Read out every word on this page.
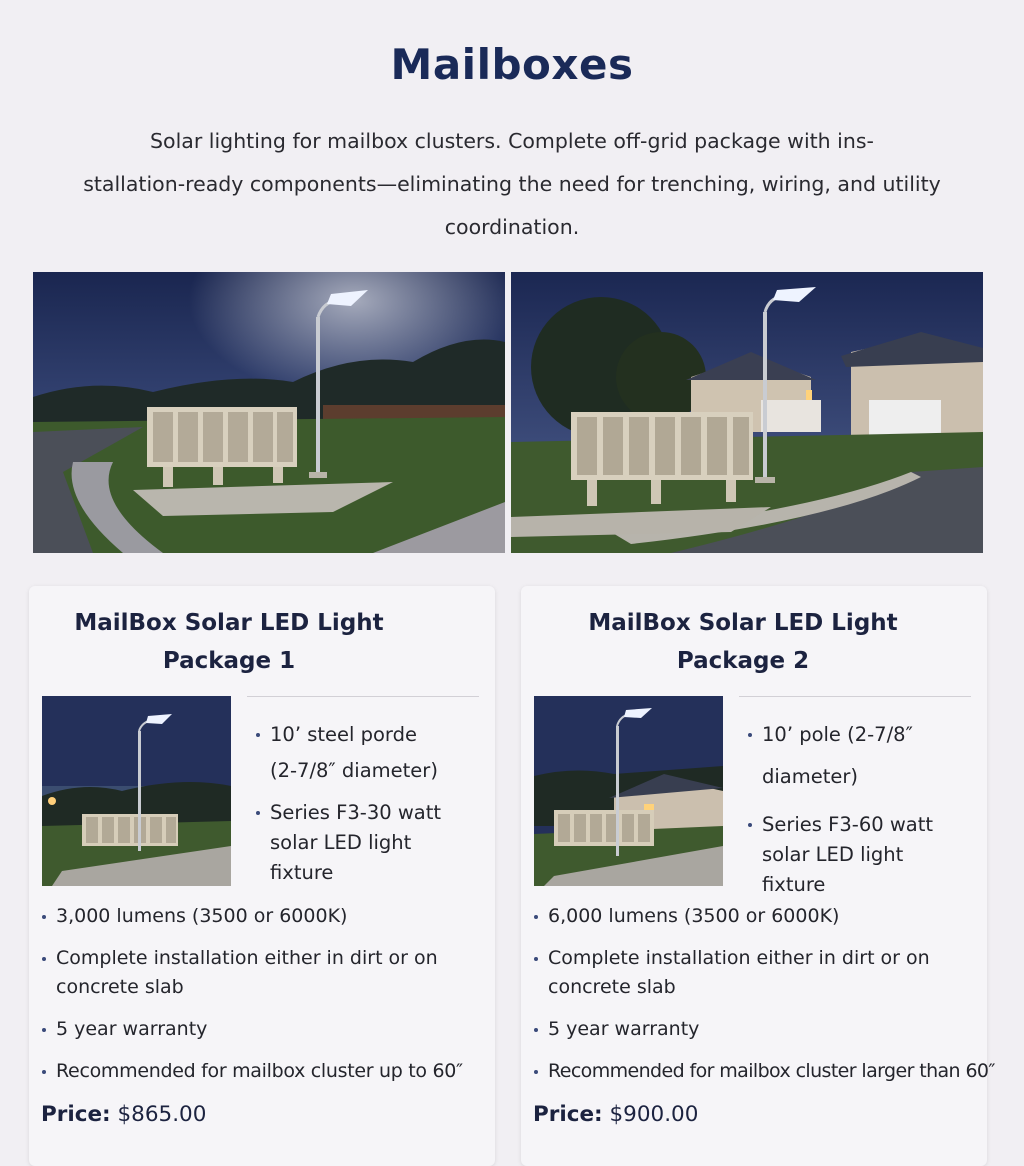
Mailboxes
Solar lighting for mailbox clusters. Complete off-grid package with ins-
stallation-ready components—eliminating the need for trenching, wiring, and utility
coordination.
MailBox Solar LED Light
Package 1
10’ steel porde
(2-7/8″ diameter)
Series F3-30 watt
solar LED light
fixture
3,000 lumens (3500 or 6000K)
Complete installation either in dirt or on
concrete slab
5 year warranty
Recommended for mailbox cluster up to 60″
Price: $865.00
MailBox Solar LED Light
Package 2
10’ pole (2-7/8″
diameter)
Series F3-60 watt
solar LED light
fixture
6,000 lumens (3500 or 6000K)
Complete installation either in dirt or on
concrete slab
5 year warranty
Recommended for mailbox cluster larger than 60″
Price: $900.00
